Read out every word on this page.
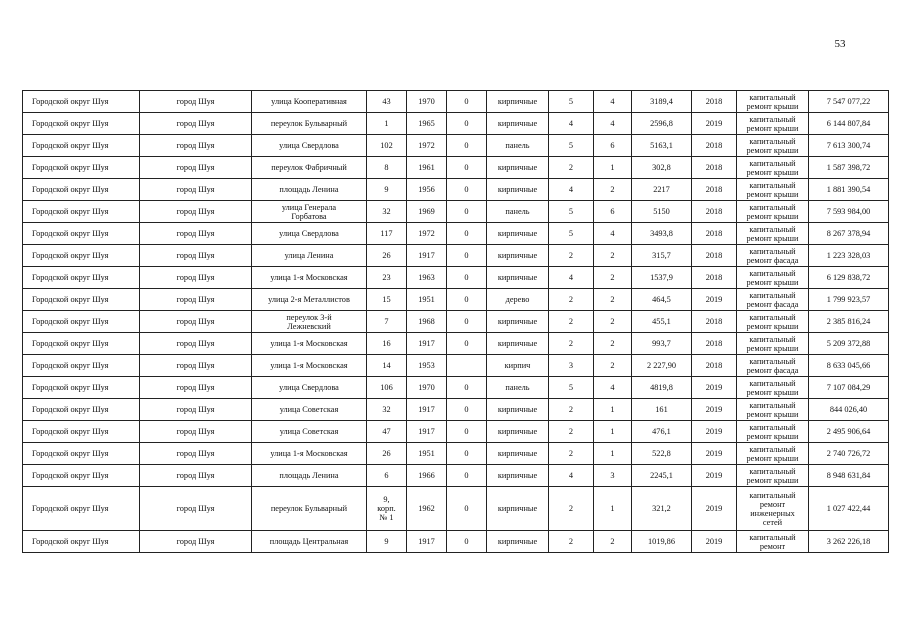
53
Городской округ Шуя	город Шуя	улица Кооперативная	43	1970	0	кирпичные	5	4	3189,4	2018	капитальный
ремонт крыши	7 547 077,22
Городской округ Шуя	город Шуя	переулок Бульварный	1	1965	0	кирпичные	4	4	2596,8	2019	капитальный
ремонт крыши	6 144 807,84
Городской округ Шуя	город Шуя	улица Свердлова	102	1972	0	панель	5	6	5163,1	2018	капитальный
ремонт крыши	7 613 300,74
Городской округ Шуя	город Шуя	переулок Фабричный	8	1961	0	кирпичные	2	1	302,8	2018	капитальный
ремонт крыши	1 587 398,72
Городской округ Шуя	город Шуя	площадь Ленина	9	1956	0	кирпичные	4	2	2217	2018	капитальный
ремонт крыши	1 881 390,54
Городской округ Шуя	город Шуя	улица Генерала
Горбатова	32	1969	0	панель	5	6	5150	2018	капитальный
ремонт крыши	7 593 984,00
Городской округ Шуя	город Шуя	улица Свердлова	117	1972	0	кирпичные	5	4	3493,8	2018	капитальный
ремонт крыши	8 267 378,94
Городской округ Шуя	город Шуя	улица Ленина	26	1917	0	кирпичные	2	2	315,7	2018	капитальный
ремонт фасада	1 223 328,03
Городской округ Шуя	город Шуя	улица 1-я Московская	23	1963	0	кирпичные	4	2	1537,9	2018	капитальный
ремонт крыши	6 129 838,72
Городской округ Шуя	город Шуя	улица 2-я Металлистов	15	1951	0	дерево	2	2	464,5	2019	капитальный
ремонт фасада	1 799 923,57
Городской округ Шуя	город Шуя	переулок 3-й
Лежневский	7	1968	0	кирпичные	2	2	455,1	2018	капитальный
ремонт крыши	2 385 816,24
Городской округ Шуя	город Шуя	улица 1-я Московская	16	1917	0	кирпичные	2	2	993,7	2018	капитальный
ремонт крыши	5 209 372,88
Городской округ Шуя	город Шуя	улица 1-я Московская	14	1953		кирпич	3	2	2 227,90	2018	капитальный
ремонт фасада	8 633 045,66
Городской округ Шуя	город Шуя	улица Свердлова	106	1970	0	панель	5	4	4819,8	2019	капитальный
ремонт крыши	7 107 084,29
Городской округ Шуя	город Шуя	улица Советская	32	1917	0	кирпичные	2	1	161	2019	капитальный
ремонт крыши	844 026,40
Городской округ Шуя	город Шуя	улица Советская	47	1917	0	кирпичные	2	1	476,1	2019	капитальный
ремонт крыши	2 495 906,64
Городской округ Шуя	город Шуя	улица 1-я Московская	26	1951	0	кирпичные	2	1	522,8	2019	капитальный
ремонт крыши	2 740 726,72
Городской округ Шуя	город Шуя	площадь Ленина	6	1966	0	кирпичные	4	3	2245,1	2019	капитальный
ремонт крыши	8 948 631,84
Городской округ Шуя	город Шуя	переулок Бульварный	9,
корп.
№ 1	1962	0	кирпичные	2	1	321,2	2019	капитальный
ремонт
инженерных
сетей	1 027 422,44
Городской округ Шуя	город Шуя	площадь Центральная	9	1917	0	кирпичные	2	2	1019,86	2019	капитальный
ремонт	3 262 226,18
